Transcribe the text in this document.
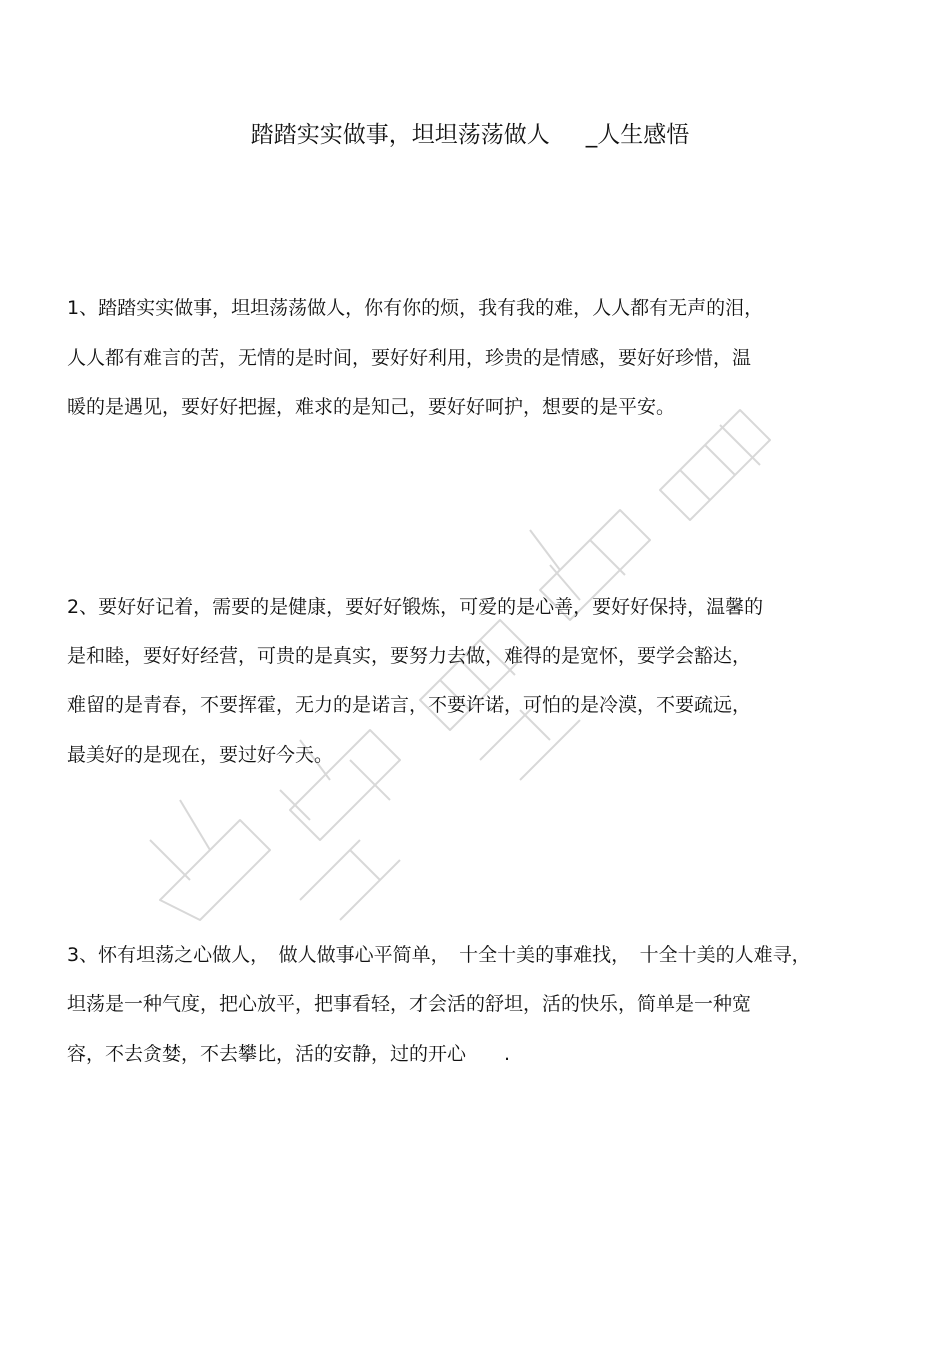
踏踏实实做事，坦坦荡荡做人 _人生感悟
1、踏踏实实做事，坦坦荡荡做人，你有你的烦，我有我的难，人人都有无声的泪，
人人都有难言的苦，无情的是时间，要好好利用，珍贵的是情感，要好好珍惜，温
暖的是遇见，要好好把握，难求的是知己，要好好呵护，想要的是平安。
2、要好好记着，需要的是健康，要好好锻炼，可爱的是心善，要好好保持，温馨的
是和睦，要好好经营，可贵的是真实，要努力去做，难得的是宽怀，要学会豁达，
难留的是青春，不要挥霍，无力的是诺言，不要许诺，可怕的是冷漠，不要疏远，
最美好的是现在，要过好今天。
3、怀有坦荡之心做人，　做人做事心平简单，　十全十美的事难找，　十全十美的人难寻，
坦荡是一种气度，把心放平，把事看轻，才会活的舒坦，活的快乐，简单是一种宽
容，不去贪婪，不去攀比，活的安静，过的开心　　.
